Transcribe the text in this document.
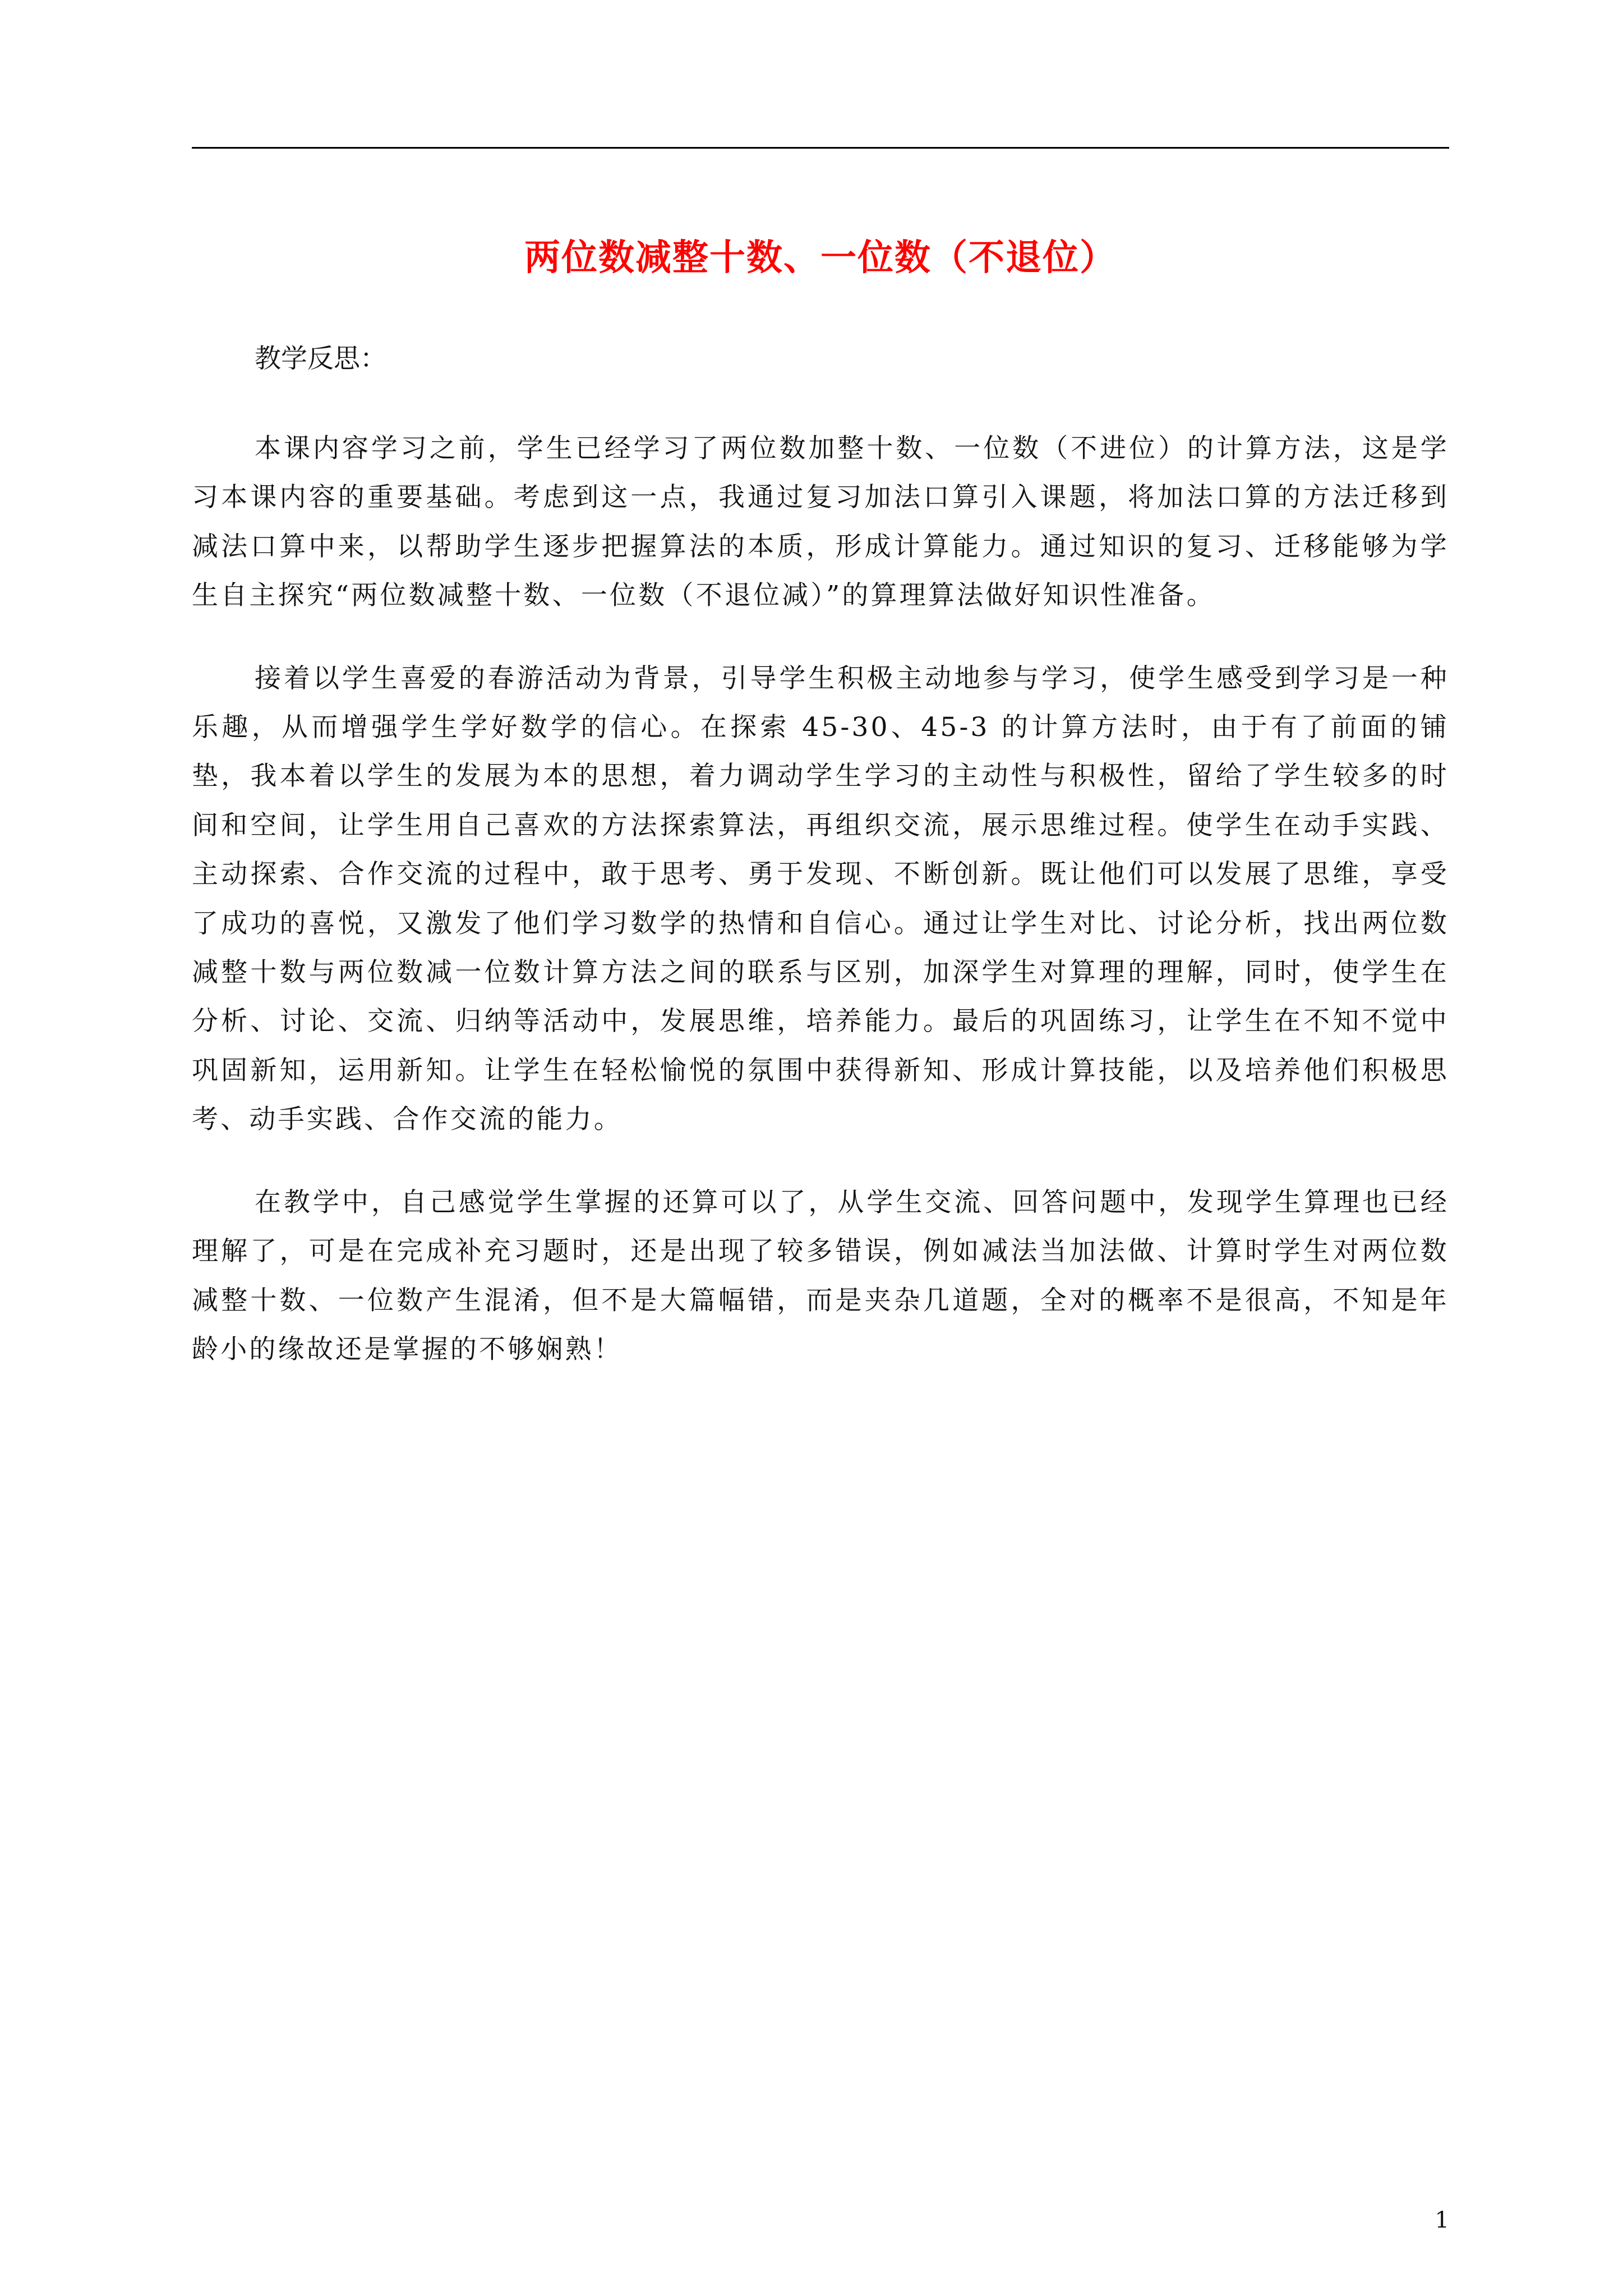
两位数减整十数、一位数（不退位）
教学反思：

本课内容学习之前，学生已经学习了两位数加整十数、一位数（不进位）的计算方法，这是学习本课内容的重要基础。考虑到这一点，我通过复习加法口算引入课题，将加法口算的方法迁移到减法口算中来，以帮助学生逐步把握算法的本质，形成计算能力。通过知识的复习、迁移能够为学生自主探究“两位数减整十数、一位数（不退位减）”的算理算法做好知识性准备。

接着以学生喜爱的春游活动为背景，引导学生积极主动地参与学习，使学生感受到学习是一种乐趣，从而增强学生学好数学的信心。在探索 45-30、45-3 的计算方法时，由于有了前面的铺垫，我本着以学生的发展为本的思想，着力调动学生学习的主动性与积极性，留给了学生较多的时间和空间，让学生用自己喜欢的方法探索算法，再组织交流，展示思维过程。使学生在动手实践、主动探索、合作交流的过程中，敢于思考、勇于发现、不断创新。既让他们可以发展了思维，享受了成功的喜悦，又激发了他们学习数学的热情和自信心。通过让学生对比、讨论分析，找出两位数减整十数与两位数减一位数计算方法之间的联系与区别，加深学生对算理的理解，同时，使学生在分析、讨论、交流、归纳等活动中，发展思维，培养能力。最后的巩固练习，让学生在不知不觉中巩固新知，运用新知。让学生在轻松愉悦的氛围中获得新知、形成计算技能，以及培养他们积极思考、动手实践、合作交流的能力。

在教学中，自己感觉学生掌握的还算可以了，从学生交流、回答问题中，发现学生算理也已经理解了，可是在完成补充习题时，还是出现了较多错误，例如减法当加法做、计算时学生对两位数减整十数、一位数产生混淆，但不是大篇幅错，而是夹杂几道题，全对的概率不是很高，不知是年龄小的缘故还是掌握的不够娴熟！

1
